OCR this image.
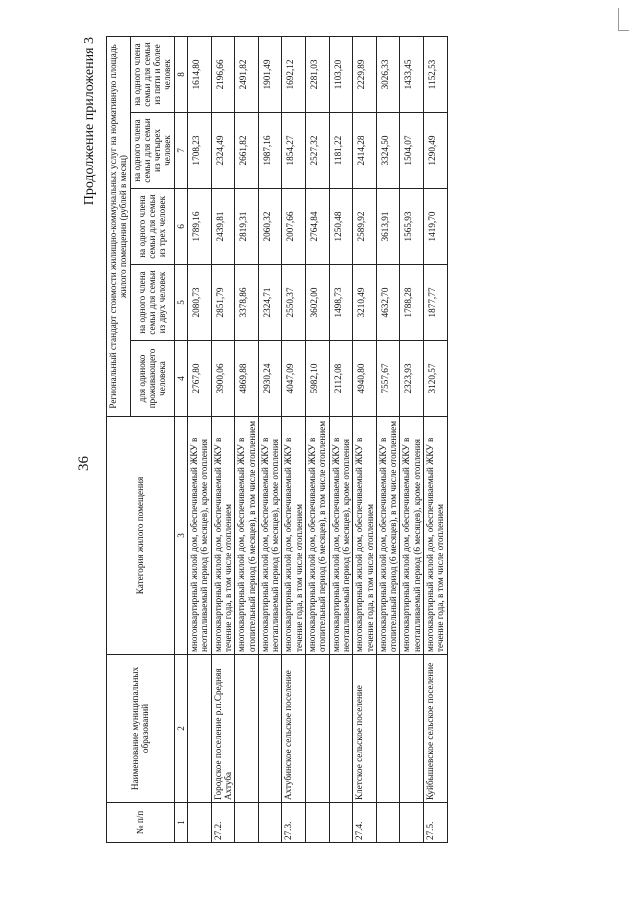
36
Продолжение приложения 3
№ п/п	Наименование муниципальных образований	Категория жилого помещения	Региональный стандарт стоимости жилищно-коммунальных услуг на нормативную площадь жилого помещения (рублей в месяц)				
			для одиноко проживающего человека	на одного члена семьи для семьи из двух человек	на одного члена семьи для семьи из трех человек	на одного члена семьи для семьи из четырех человек	на одного члена семьи для семьи из пяти и более человек
1	2	3	4	5	6	7	8
		многоквартирный жилой дом, обеспечиваемый ЖКУ в неотапливаемый период (6 месяцев), кроме отопления	2767,80	2080,73	1789,16	1708,23	1614,80
27.2.	Городское поселение р.п.Средняя Ахтуба	многоквартирный жилой дом, обеспечиваемый ЖКУ в течение года, в том числе отоплением	3900,06	2851,79	2439,81	2324,49	2196,66
		многоквартирный жилой дом, обеспечиваемый ЖКУ в отопительный период (6 месяцев), в том числе отоплением	4869,88	3378,86	2819,31	2661,82	2491,82
		многоквартирный жилой дом, обеспечиваемый ЖКУ в неотапливаемый период (6 месяцев), кроме отопления	2930,24	2324,71	2060,32	1987,16	1901,49
27.3.	Ахтубинское сельское поселение	многоквартирный жилой дом, обеспечиваемый ЖКУ в течение года, в том числе отоплением	4047,09	2550,37	2007,66	1854,27	1692,12
		многоквартирный жилой дом, обеспечиваемый ЖКУ в отопительный период (6 месяцев), в том числе отоплением	5982,10	3602,00	2764,84	2527,32	2281,03
		многоквартирный жилой дом, обеспечиваемый ЖКУ в неотапливаемый период (6 месяцев), кроме отопления	2112,08	1498,73	1250,48	1181,22	1103,20
27.4.	Клетское сельское поселение	многоквартирный жилой дом, обеспечиваемый ЖКУ в течение года, в том числе отоплением	4940,80	3210,49	2589,92	2414,28	2229,89
		многоквартирный жилой дом, обеспечиваемый ЖКУ в отопительный период (6 месяцев), в том числе отоплением	7557,67	4632,70	3613,91	3324,50	3026,33
		многоквартирный жилой дом, обеспечиваемый ЖКУ в неотапливаемый период (6 месяцев), кроме отопления	2323,93	1788,28	1565,93	1504,07	1433,45
27.5.	Куйбышевское сельское поселение	многоквартирный жилой дом, обеспечиваемый ЖКУ в течение года, в том числе отоплением	3120,57	1877,77	1419,70	1290,49	1152,53
